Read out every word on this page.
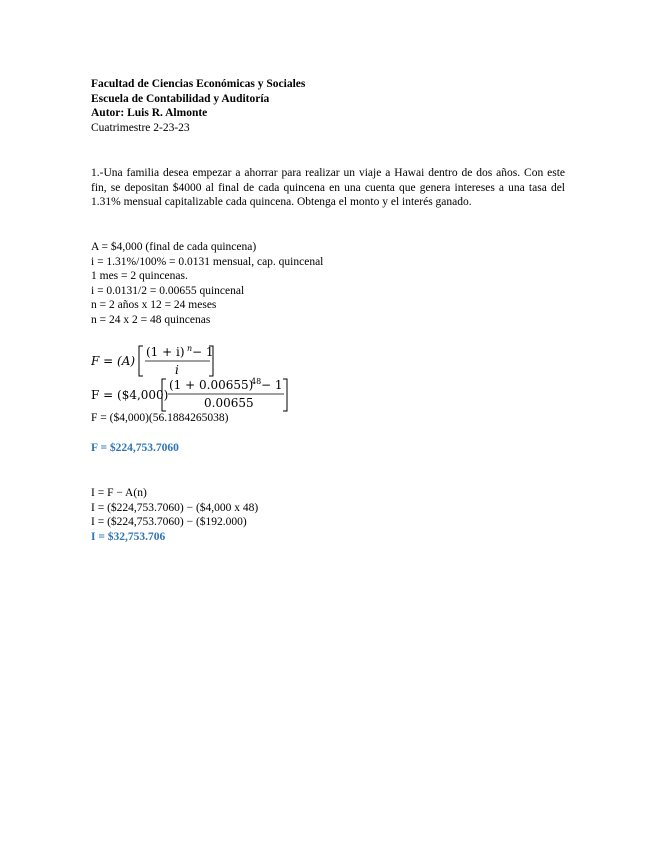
Facultad de Ciencias Económicas y Sociales
Escuela de Contabilidad y Auditoría
Autor: Luis R. Almonte
Cuatrimestre 2-23-23
1.-Una familia desea empezar a ahorrar para realizar un viaje a Hawai dentro de dos años. Con este fin, se depositan $4000 al final de cada quincena en una cuenta que genera intereses a una tasa del 1.31% mensual capitalizable cada quincena. Obtenga el monto y el interés ganado.
A = $4,000 (final de cada quincena)
i = 1.31%/100% = 0.0131 mensual, cap. quincenal
1 mes = 2 quincenas.
i = 0.0131/2 = 0.00655 quincenal
n = 2 años x 12 = 24 meses
n = 24 x 2 = 48 quincenas
F = (A)
(1 + i) n − 1
i
F = ($4,000)
(1 + 0.00655)
48 − 1
0.00655
F = ($4,000)(56.1884265038)
F = $224,753.7060
I = F − A(n)
I = ($224,753.7060) − ($4,000 x 48)
I = ($224,753.7060) − ($192.000)
I = $32,753.706
